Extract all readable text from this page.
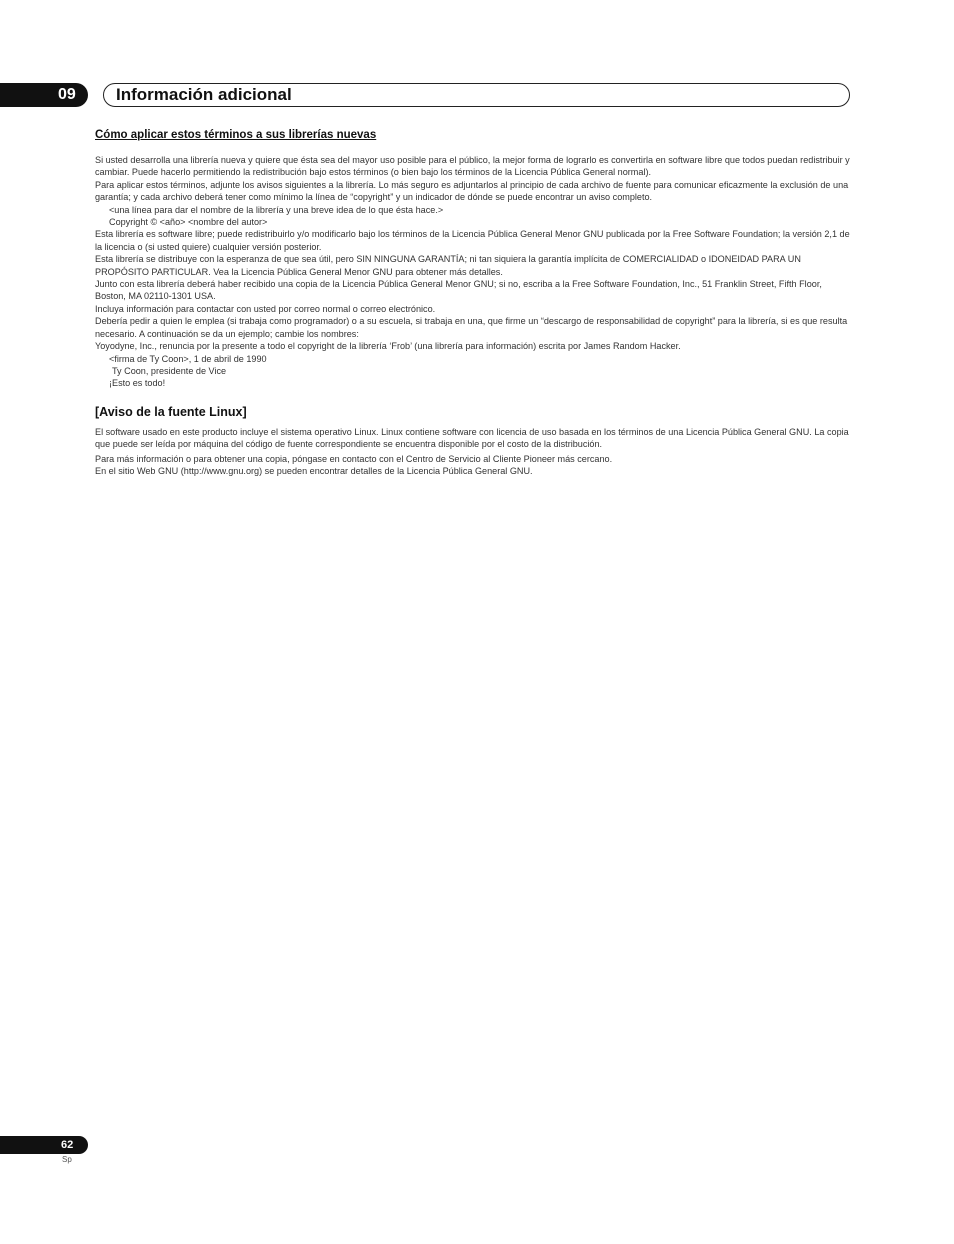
09	Información adicional
Cómo aplicar estos términos a sus librerías nuevas

Si usted desarrolla una librería nueva y quiere que ésta sea del mayor uso posible para el público, la mejor forma de lograrlo es convertirla en software libre que todos puedan redistribuir y cambiar. Puede hacerlo permitiendo la redistribución bajo estos términos (o bien bajo los términos de la Licencia Pública General normal).

Para aplicar estos términos, adjunte los avisos siguientes a la librería. Lo más seguro es adjuntarlos al principio de cada archivo de fuente para comunicar eficazmente la exclusión de una garantía; y cada archivo deberá tener como mínimo la línea de “copyright” y un indicador de dónde se puede encontrar un aviso completo.

<una línea para dar el nombre de la librería y una breve idea de lo que ésta hace.>

Copyright © <año> <nombre del autor>

Esta librería es software libre; puede redistribuirlo y/o modificarlo bajo los términos de la Licencia Pública General Menor GNU publicada por la Free Software Foundation; la versión 2,1 de la licencia o (si usted quiere) cualquier versión posterior.

Esta librería se distribuye con la esperanza de que sea útil, pero SIN NINGUNA GARANTÍA; ni tan siquiera la garantía implícita de COMERCIALIDAD o IDONEIDAD PARA UN PROPÓSITO PARTICULAR. Vea la Licencia Pública General Menor GNU para obtener más detalles.

Junto con esta librería deberá haber recibido una copia de la Licencia Pública General Menor GNU; si no, escriba a la Free Software Foundation, Inc., 51 Franklin Street, Fifth Floor, Boston, MA 02110-1301 USA.

Incluya información para contactar con usted por correo normal o correo electrónico.

Debería pedir a quien le emplea (si trabaja como programador) o a su escuela, si trabaja en una, que firme un “descargo de responsabilidad de copyright” para la librería, si es que resulta necesario. A continuación se da un ejemplo; cambie los nombres:

Yoyodyne, Inc., renuncia por la presente a todo el copyright de la librería ‘Frob’ (una librería para información) escrita por James Random Hacker.

<firma de Ty Coon>, 1 de abril de 1990

Ty Coon, presidente de Vice

¡Esto es todo!

[Aviso de la fuente Linux]

El software usado en este producto incluye el sistema operativo Linux. Linux contiene software con licencia de uso basada en los términos de una Licencia Pública General GNU. La copia que puede ser leída por máquina del código de fuente correspondiente se encuentra disponible por el costo de la distribución.

Para más información o para obtener una copia, póngase en contacto con el Centro de Servicio al Cliente Pioneer más cercano.

En el sitio Web GNU (http://www.gnu.org) se pueden encontrar detalles de la Licencia Pública General GNU.

62
Sp
